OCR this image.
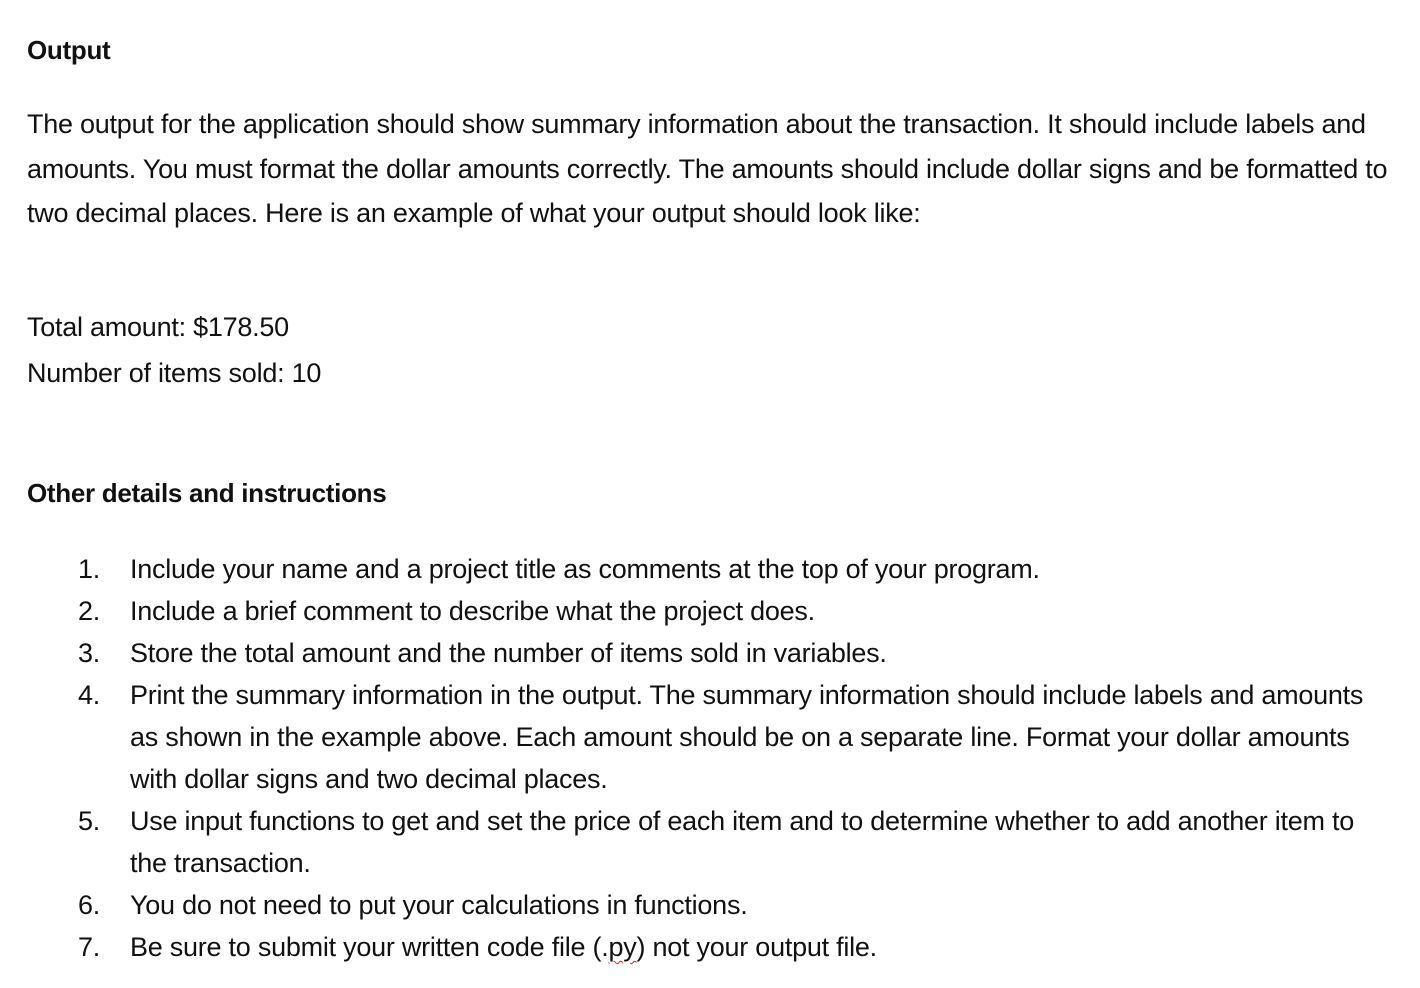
Output

The output for the application should show summary information about the transaction. It should include labels and amounts. You must format the dollar amounts correctly. The amounts should include dollar signs and be formatted to two decimal places. Here is an example of what your output should look like:

Total amount: $178.50

Number of items sold: 10

Other details and instructions
1. Include your name and a project title as comments at the top of your program.
2. Include a brief comment to describe what the project does.
3. Store the total amount and the number of items sold in variables.
4. Print the summary information in the output. The summary information should include labels and amounts as shown in the example above. Each amount should be on a separate line. Format your dollar amounts with dollar signs and two decimal places.
5. Use input functions to get and set the price of each item and to determine whether to add another item to the transaction.
6. You do not need to put your calculations in functions.
7. Be sure to submit your written code file (.py) not your output file.
